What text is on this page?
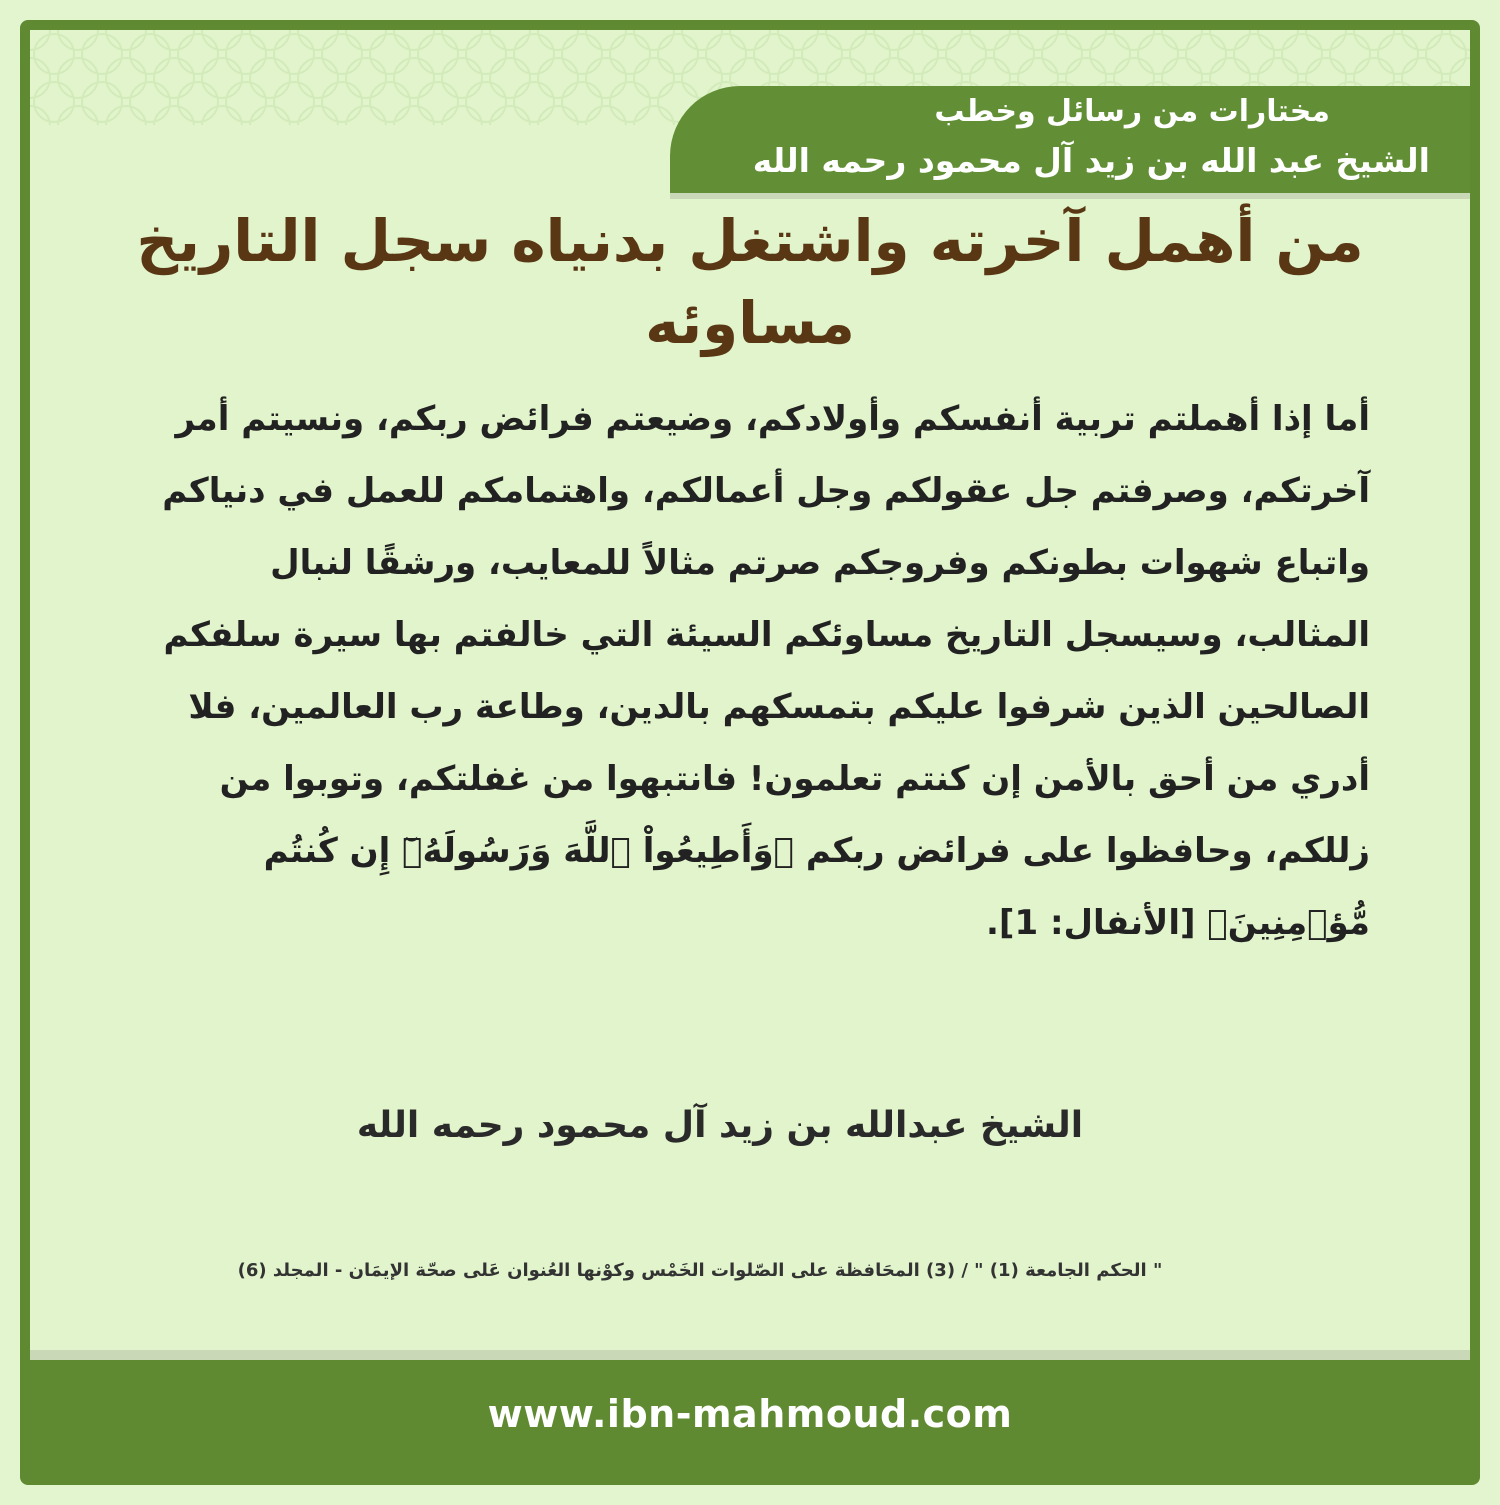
مختارات من رسائل وخطب
الشيخ عبد الله بن زيد آل محمود رحمه الله
من أهمل آخرته واشتغل بدنياه سجل التاريخ مساوئه
أما إذا أهملتم تربية أنفسكم وأولادكم، وضيعتم فرائض ربكم، ونسيتم أمر آخرتكم، وصرفتم جل عقولكم وجل أعمالكم، واهتمامكم للعمل في دنياكم واتباع شهوات بطونكم وفروجكم صرتم مثالاً للمعايب، ورشقًا لنبال المثالب، وسيسجل التاريخ مساوئكم السيئة التي خالفتم بها سيرة سلفكم الصالحين الذين شرفوا عليكم بتمسكهم بالدين، وطاعة رب العالمين، فلا أدري من أحق بالأمن إن كنتم تعلمون! فانتبهوا من غفلتكم، وتوبوا من زللكم، وحافظوا على فرائض ربكم ﴿وَأَطِيعُواْ ٱللَّهَ وَرَسُولَهُۥٓ إِن كُنتُم مُّؤۡمِنِينَ﴾ [الأنفال: 1].
الشيخ عبدالله بن زيد آل محمود رحمه الله
" الحكم الجامعة (1) " / (3) المحَافظة على الصّلوات الخَمْس وكوْنها العُنوان عَلى صحّة الإيمَان - المجلد (6)
www.ibn-mahmoud.com
